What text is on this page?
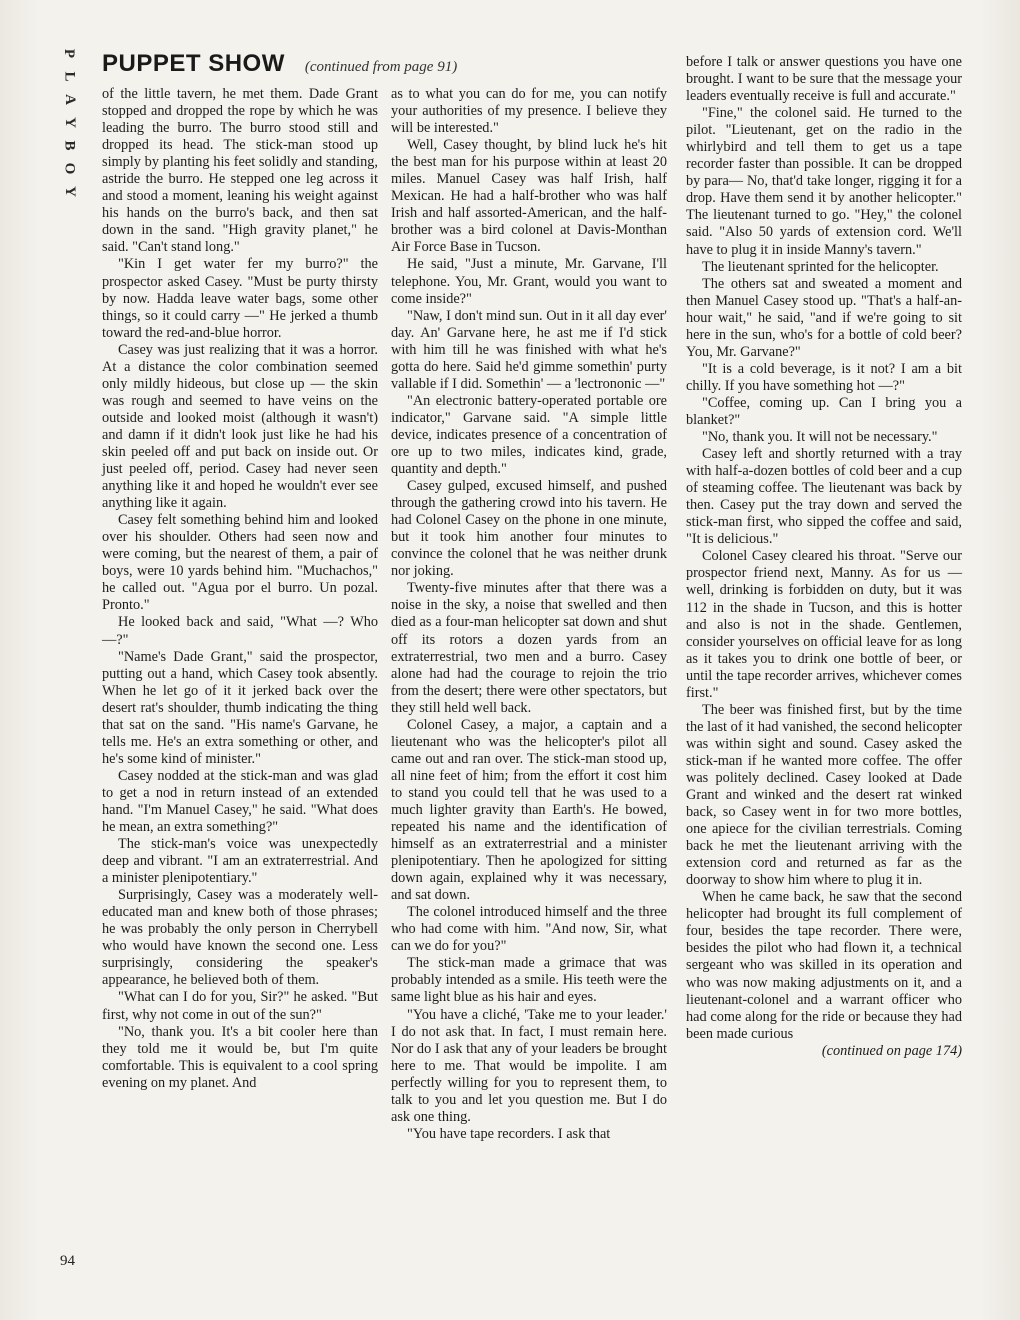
P
L
A
Y
B
O
Y
PUPPET SHOW (continued from page 91)

of the little tavern, he met them. Dade Grant stopped and dropped the rope by which he was leading the burro. The burro stood still and dropped its head. The stick-man stood up simply by planting his feet solidly and standing, astride the burro. He stepped one leg across it and stood a moment, leaning his weight against his hands on the burro's back, and then sat down in the sand. "High gravity planet," he said. "Can't stand long."

"Kin I get water fer my burro?" the prospector asked Casey. "Must be purty thirsty by now. Hadda leave water bags, some other things, so it could carry —" He jerked a thumb toward the red-and-blue horror.

Casey was just realizing that it was a horror. At a distance the color combination seemed only mildly hideous, but close up — the skin was rough and seemed to have veins on the outside and looked moist (although it wasn't) and damn if it didn't look just like he had his skin peeled off and put back on inside out. Or just peeled off, period. Casey had never seen anything like it and hoped he wouldn't ever see anything like it again.

Casey felt something behind him and looked over his shoulder. Others had seen now and were coming, but the nearest of them, a pair of boys, were 10 yards behind him. "Muchachos," he called out. "Agua por el burro. Un pozal. Pronto."

He looked back and said, "What —? Who —?"

"Name's Dade Grant," said the prospector, putting out a hand, which Casey took absently. When he let go of it it jerked back over the desert rat's shoulder, thumb indicating the thing that sat on the sand. "His name's Garvane, he tells me. He's an extra something or other, and he's some kind of minister."

Casey nodded at the stick-man and was glad to get a nod in return instead of an extended hand. "I'm Manuel Casey," he said. "What does he mean, an extra something?"

The stick-man's voice was unexpectedly deep and vibrant. "I am an extraterrestrial. And a minister plenipotentiary."

Surprisingly, Casey was a moderately well-educated man and knew both of those phrases; he was probably the only person in Cherrybell who would have known the second one. Less surprisingly, considering the speaker's appearance, he believed both of them.

"What can I do for you, Sir?" he asked. "But first, why not come in out of the sun?"

"No, thank you. It's a bit cooler here than they told me it would be, but I'm quite comfortable. This is equivalent to a cool spring evening on my planet. And

as to what you can do for me, you can notify your authorities of my presence. I believe they will be interested."

Well, Casey thought, by blind luck he's hit the best man for his purpose within at least 20 miles. Manuel Casey was half Irish, half Mexican. He had a half-brother who was half Irish and half assorted-American, and the half-brother was a bird colonel at Davis-Monthan Air Force Base in Tucson.

He said, "Just a minute, Mr. Garvane, I'll telephone. You, Mr. Grant, would you want to come inside?"

"Naw, I don't mind sun. Out in it all day ever' day. An' Garvane here, he ast me if I'd stick with him till he was finished with what he's gotta do here. Said he'd gimme somethin' purty vallable if I did. Somethin' — a 'lectrononic —"

"An electronic battery-operated portable ore indicator," Garvane said. "A simple little device, indicates presence of a concentration of ore up to two miles, indicates kind, grade, quantity and depth."

Casey gulped, excused himself, and pushed through the gathering crowd into his tavern. He had Colonel Casey on the phone in one minute, but it took him another four minutes to convince the colonel that he was neither drunk nor joking.

Twenty-five minutes after that there was a noise in the sky, a noise that swelled and then died as a four-man helicopter sat down and shut off its rotors a dozen yards from an extraterrestrial, two men and a burro. Casey alone had had the courage to rejoin the trio from the desert; there were other spectators, but they still held well back.

Colonel Casey, a major, a captain and a lieutenant who was the helicopter's pilot all came out and ran over. The stick-man stood up, all nine feet of him; from the effort it cost him to stand you could tell that he was used to a much lighter gravity than Earth's. He bowed, repeated his name and the identification of himself as an extraterrestrial and a minister plenipotentiary. Then he apologized for sitting down again, explained why it was necessary, and sat down.

The colonel introduced himself and the three who had come with him. "And now, Sir, what can we do for you?"

The stick-man made a grimace that was probably intended as a smile. His teeth were the same light blue as his hair and eyes.

"You have a cliché, 'Take me to your leader.' I do not ask that. In fact, I must remain here. Nor do I ask that any of your leaders be brought here to me. That would be impolite. I am perfectly willing for you to represent them, to talk to you and let you question me. But I do ask one thing.

"You have tape recorders. I ask that

before I talk or answer questions you have one brought. I want to be sure that the message your leaders eventually receive is full and accurate."

"Fine," the colonel said. He turned to the pilot. "Lieutenant, get on the radio in the whirlybird and tell them to get us a tape recorder faster than possible. It can be dropped by para— No, that'd take longer, rigging it for a drop. Have them send it by another helicopter." The lieutenant turned to go. "Hey," the colonel said. "Also 50 yards of extension cord. We'll have to plug it in inside Manny's tavern."

The lieutenant sprinted for the helicopter.

The others sat and sweated a moment and then Manuel Casey stood up. "That's a half-an-hour wait," he said, "and if we're going to sit here in the sun, who's for a bottle of cold beer? You, Mr. Garvane?"

"It is a cold beverage, is it not? I am a bit chilly. If you have something hot —?"

"Coffee, coming up. Can I bring you a blanket?"

"No, thank you. It will not be necessary."

Casey left and shortly returned with a tray with half-a-dozen bottles of cold beer and a cup of steaming coffee. The lieutenant was back by then. Casey put the tray down and served the stick-man first, who sipped the coffee and said, "It is delicious."

Colonel Casey cleared his throat. "Serve our prospector friend next, Manny. As for us — well, drinking is forbidden on duty, but it was 112 in the shade in Tucson, and this is hotter and also is not in the shade. Gentlemen, consider yourselves on official leave for as long as it takes you to drink one bottle of beer, or until the tape recorder arrives, whichever comes first."

The beer was finished first, but by the time the last of it had vanished, the second helicopter was within sight and sound. Casey asked the stick-man if he wanted more coffee. The offer was politely declined. Casey looked at Dade Grant and winked and the desert rat winked back, so Casey went in for two more bottles, one apiece for the civilian terrestrials. Coming back he met the lieutenant arriving with the extension cord and returned as far as the doorway to show him where to plug it in.

When he came back, he saw that the second helicopter had brought its full complement of four, besides the tape recorder. There were, besides the pilot who had flown it, a technical sergeant who was skilled in its operation and who was now making adjustments on it, and a lieutenant-colonel and a warrant officer who had come along for the ride or because they had been made curious

(continued on page 174)

94
